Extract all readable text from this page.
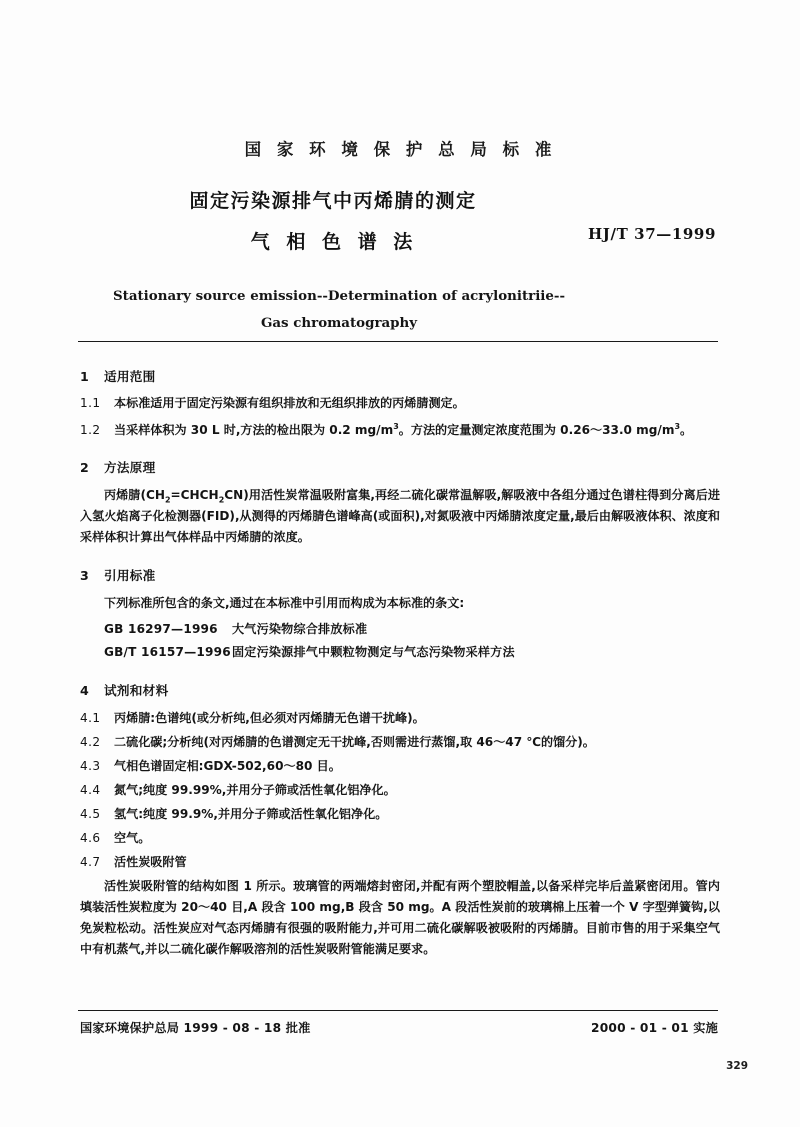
国 家 环 境 保 护 总 局 标 准
固定污染源排气中丙烯腈的测定
气 相 色 谱 法	HJ/T 37—1999
Stationary source emission--Determination of acrylonitriie--
Gas chromatography
1 适用范围
1.1 本标准适用于固定污染源有组织排放和无组织排放的丙烯腈测定。
1.2 当采样体积为 30 L 时,方法的检出限为 0.2 $mg/m^3$。方法的定量测定浓度范围为 0.26～33.0 $mg/m^3$。
2 方法原理
丙烯腈$(CH_2=CHCH_2CN)$用活性炭常温吸附富集,再经二硫化碳常温解吸,解吸液中各组分通过色谱柱得到分离后进入氢火焰离子化检测器(FID),从测得的丙烯腈色谱峰高(或面积),对氮吸液中丙烯腈浓度定量,最后由解吸液体积、浓度和采样体积计算出气体样品中丙烯腈的浓度。
3 引用标准
下列标准所包含的条文,通过在本标准中引用而构成为本标准的条文:
GB 16297—1996 大气污染物综合排放标准
GB/T 16157—1996固定污染源排气中颗粒物测定与气态污染物采样方法
4 试剂和材料
4.1 丙烯腈:色谱纯(或分析纯,但必须对丙烯腈无色谱干扰峰)。
4.2 二硫化碳;分析纯(对丙烯腈的色谱测定无干扰峰,否则需进行蒸馏,取 46～47 ℃的馏分)。
4.3 气相色谱固定相:GDX-502,60～80 目。
4.4 氮气;纯度 99.99%,并用分子筛或活性氧化铝净化。
4.5 氢气:纯度 99.9%,并用分子筛或活性氧化铝净化。
4.6 空气。
4.7 活性炭吸附管
活性炭吸附管的结构如图 1 所示。玻璃管的两端熔封密闭,并配有两个塑胶帽盖,以备采样完毕后盖紧密闭用。管内填装活性炭粒度为 20～40 目,A 段含 100 mg,B 段含 50 mg。A 段活性炭前的玻璃棉上压着一个 V 字型弹簧钩,以免炭粒松动。活性炭应对气态丙烯腈有很强的吸附能力,并可用二硫化碳解吸被吸附的丙烯腈。目前市售的用于采集空气中有机蒸气,并以二硫化碳作解吸溶剂的活性炭吸附管能满足要求。
国家环境保护总局 1999 - 08 - 18 批准	2000 - 01 - 01 实施
329
